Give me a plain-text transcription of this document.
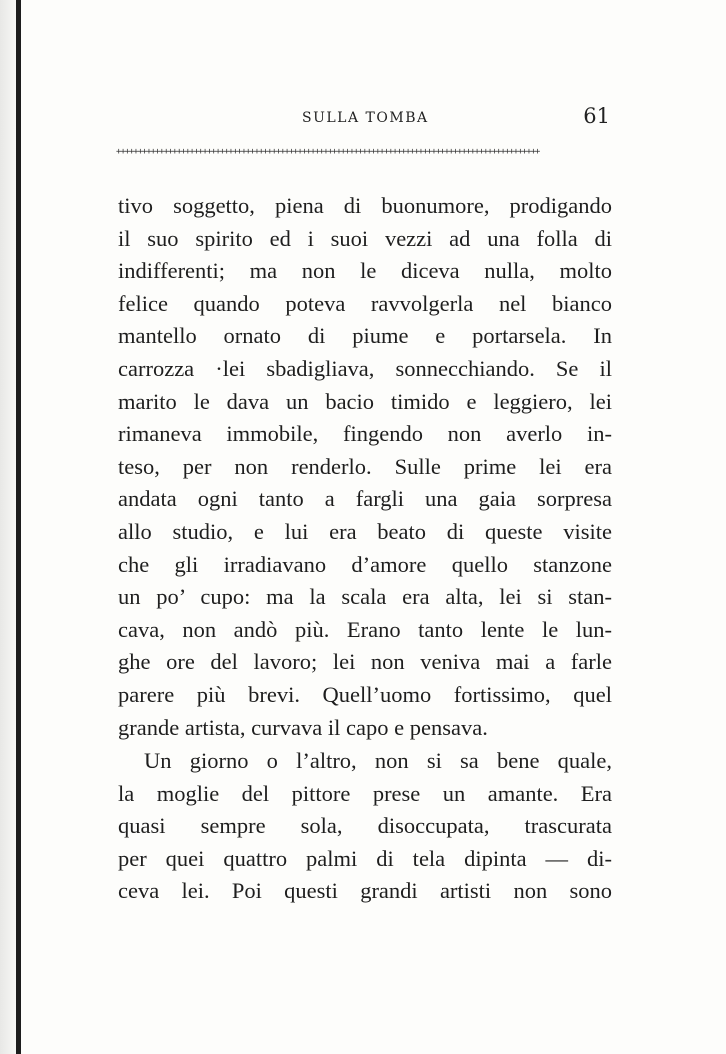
SULLA TOMBA	61
++++++++++++++++++++++++++++++++++++++++++++++++++++++++++++++++++++++++++++++++++++++++++++++++++
tivo soggetto, piena di buonumore, prodigando
il suo spirito ed i suoi vezzi ad una folla di
indifferenti; ma non le diceva nulla, molto
felice quando poteva ravvolgerla nel bianco
mantello ornato di piume e portarsela. In
carrozza ·lei sbadigliava, sonnecchiando. Se il
marito le dava un bacio timido e leggiero, lei
rimaneva immobile, fingendo non averlo in-
teso, per non renderlo. Sulle prime lei era
andata ogni tanto a fargli una gaia sorpresa
allo studio, e lui era beato di queste visite
che gli irradiavano d’amore quello stanzone
un po’ cupo: ma la scala era alta, lei si stan-
cava, non andò più. Erano tanto lente le lun-
ghe ore del lavoro; lei non veniva mai a farle
parere più brevi. Quell’uomo fortissimo, quel
grande artista, curvava il capo e pensava.
Un giorno o l’altro, non si sa bene quale,
la moglie del pittore prese un amante. Era
quasi sempre sola, disoccupata, trascurata
per quei quattro palmi di tela dipinta — di-
ceva lei. Poi questi grandi artisti non sono
